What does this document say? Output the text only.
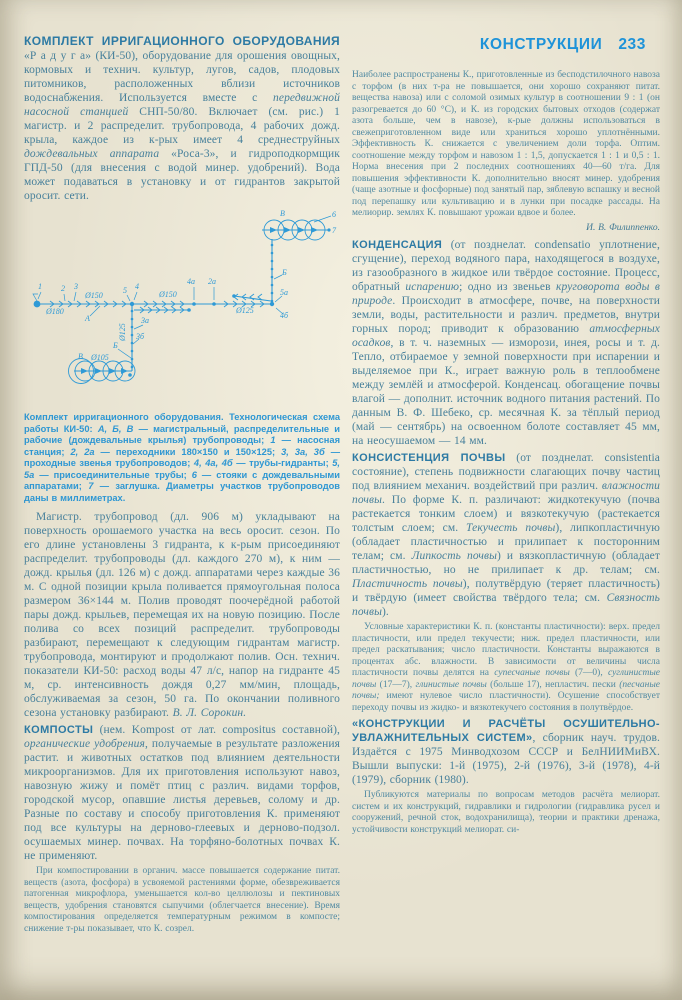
КОМПЛЕКТ ИРРИГАЦИОННОГО ОБОРУДОВАНИЯ «Р а д у г а» (КИ-50), оборудование для орошения овощных, кормовых и технич. культур, лугов, садов, плодовых питомников, расположенных вблизи источников водоснабжения. Используется вместе с передвижной насосной станцией СНП-50/80. Включает (см. рис.) 1 магистр. и 2 распределит. трубопровода, 4 рабочих дожд. крыла, каждое из к-рых имеет 4 среднеструйных дождевальных аппарата «Роса-3», и гидроподкормщик ГПД-50 (для внесения с водой минер. удобрений). Вода может подаваться в установку и от гидрантов закрытой оросит. сети.

1
Ø180
2 3
Ø150
А
5 4
Ø150
4а 2а
Ø125
5а
4б
Б
В	6
7
3а
3б
Ø125
Б
В Ø105
Комплект ирригационного оборудования. Технологическая схема работы КИ-50: А, Б, В — магистральный, распределительные и рабочие (дождевальные крылья) трубопроводы; 1 — насосная станция; 2, 2а — переходники 180×150 и 150×125; 3, 3а, 3б — проходные звенья трубопроводов; 4, 4а, 4б — трубы-гидранты; 5, 5а — присоединительные трубы; 6 — стояки с дождевальными аппаратами; 7 — заглушка. Диаметры участков трубопроводов даны в миллиметрах.

Магистр. трубопровод (дл. 906 м) укладывают на поверхность орошаемого участка на весь оросит. сезон. По его длине установлены 3 гидранта, к к-рым присоединяют распределит. трубопроводы (дл. каждого 270 м), к ним — дожд. крылья (дл. 126 м) с дожд. аппаратами через каждые 36 м. С одной позиции крыла поливается прямоугольная полоса размером 36×144 м. Полив проводят поочерёдной работой пары дожд. крыльев, перемещая их на новую позицию. После полива со всех позиций распределит. трубопроводы разбирают, перемещают к следующим гидрантам магистр. трубопровода, монтируют и продолжают полив. Осн. технич. показатели КИ-50: расход воды 47 л/с, напор на гидранте 45 м, ср. интенсивность дождя 0,27 мм/мин, площадь, обслуживаемая за сезон, 50 га. По окончании поливного сезона установку разбирают. В. Л. Сорокин.

КОМПОСТЫ (нем. Kompost от лат. compositus составной), органические удобрения, получаемые в результате разложения растит. и животных остатков под влиянием деятельности микроорганизмов. Для их приготовления используют навоз, навозную жижу и помёт птиц с различ. видами торфов, городской мусор, опавшие листья деревьев, солому и др. Разные по составу и способу приготовления К. применяют под все культуры на дерново-глеевых и дерново-подзол. осушаемых минер. почвах. На торфяно-болотных почвах К. не применяют.

При компостировании в органич. массе повышается содержание питат. веществ (азота, фосфора) в усвояемой растениями форме, обезвреживается патогенная микрофлора, уменьшается кол-во целлюлозы и пектиновых веществ, удобрения становятся сыпучими (облегчается внесение). Время компостирования определяется температурным режимом в компосте; снижение т-ры показывает, что К. созрел.

КОНСТРУКЦИИ 233

Наиболее распространены К., приготовленные из бесподстилочного навоза с торфом (в них т-ра не повышается, они хорошо сохраняют питат. вещества навоза) или с соломой озимых культур в соотношении 9 : 1 (он разогревается до 60 °С), и К. из городских бытовых отходов (содержат азота больше, чем в навозе), к-рые должны использоваться в свежеприготовленном виде или храниться хорошо уплотнёнными. Эффективность К. снижается с увеличением доли торфа. Оптим. соотношение между торфом и навозом 1 : 1,5, допускается 1 : 1 и 0,5 : 1. Норма внесения при 2 последних соотношениях 40—60 т/га. Для повышения эффективности К. дополнительно вносят минер. удобрения (чаще азотные и фосфорные) под занятый пар, зяблевую вспашку и весной под перепашку или культивацию и в лунки при посадке рассады. На мелиорир. землях К. повышают урожаи вдвое и более.

И. В. Филиппенко.

КОНДЕНСАЦИЯ (от позднелат. condensatio уплотнение, сгущение), переход водяного пара, находящегося в воздухе, из газообразного в жидкое или твёрдое состояние. Процесс, обратный испарению; одно из звеньев круговорота воды в природе. Происходит в атмосфере, почве, на поверхности земли, воды, растительности и различ. предметов, внутри горных пород; приводит к образованию атмосферных осадков, в т. ч. наземных — изморози, инея, росы и т. д. Тепло, отбираемое у земной поверхности при испарении и выделяемое при К., играет важную роль в теплообмене между землёй и атмосферой. Конденсац. обогащение почвы влагой — дополнит. источник водного питания растений. По данным В. Ф. Шебеко, ср. месячная К. за тёплый период (май — сентябрь) на освоенном болоте составляет 45 мм, на неосушаемом — 14 мм.

КОНСИСТЕНЦИЯ ПОЧВЫ (от позднелат. consistentia состояние), степень подвижности слагающих почву частиц под влиянием механич. воздействий при различ. влажности почвы. По форме К. п. различают: жидкотекучую (почва растекается тонким слоем) и вязкотекучую (растекается толстым слоем; см. Текучесть почвы), липкопластичную (обладает пластичностью и прилипает к посторонним телам; см. Липкость почвы) и вязкопластичную (обладает пластичностью, но не прилипает к др. телам; см. Пластичность почвы), полутвёрдую (теряет пластичность) и твёрдую (имеет свойства твёрдого тела; см. Связность почвы).

Условные характеристики К. п. (константы пластичности): верх. предел пластичности, или предел текучести; ниж. предел пластичности, или предел раскатывания; число пластичности. Константы выражаются в процентах абс. влажности. В зависимости от величины числа пластичности почвы делятся на супесчаные почвы (7—0), суглинистые почвы (17—7), глинистые почвы (больше 17), непластич. пески (песчаные почвы; имеют нулевое число пластичности). Осушение способствует переходу почвы из жидко- и вязкотекучего состояния в полутвёрдое.

«КОНСТРУКЦИИ И РАСЧЁТЫ ОСУШИТЕЛЬНО-УВЛАЖНИТЕЛЬНЫХ СИСТЕМ», сборник науч. трудов. Издаётся с 1975 Минводхозом СССР и БелНИИМиВХ. Вышли выпуски: 1-й (1975), 2-й (1976), 3-й (1978), 4-й (1979), сборник (1980).

Публикуются материалы по вопросам методов расчёта мелиорат. систем и их конструкций, гидравлики и гидрологии (гидравлика русел и сооружений, речной сток, водохранилища), теории и практики дренажа, устойчивости конструкций мелиорат. си-
